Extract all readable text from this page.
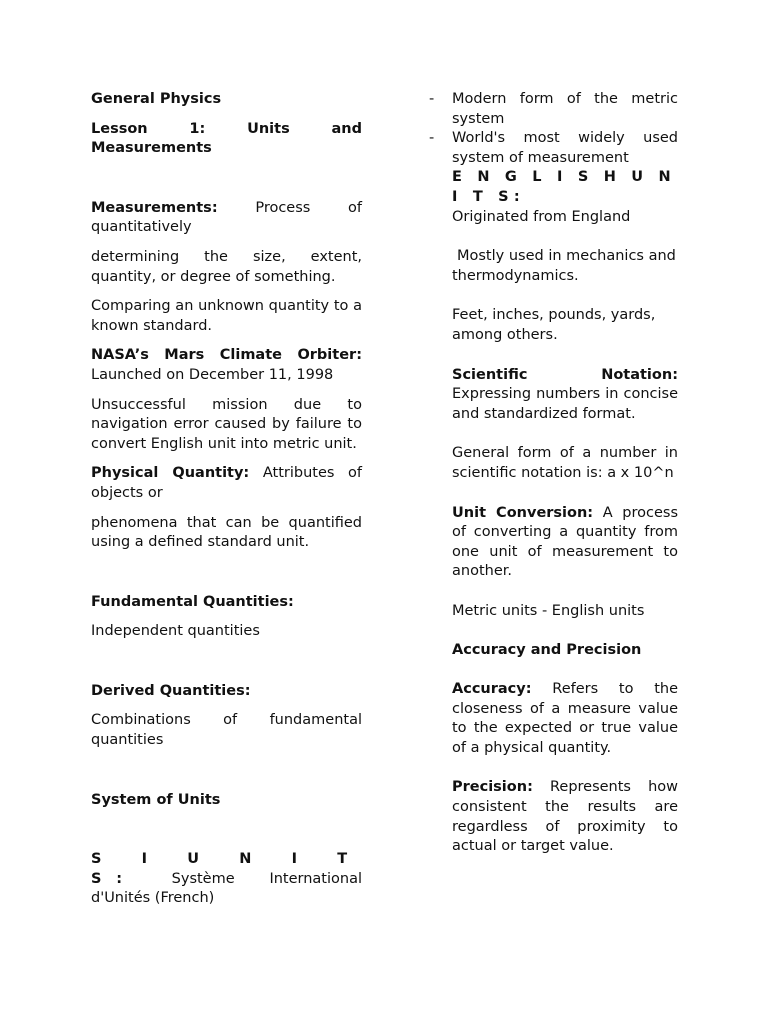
General Physics

Lesson 1: Units and Measurements

Measurements:	Process of quantitatively

determining the size, extent, quantity, or degree of something.

Comparing an unknown quantity to a known standard.

NASA’s Mars Climate Orbiter: Launched on December 11, 1998

Unsuccessful mission due to navigation error caused by failure to convert English unit into metric unit.

Physical Quantity: Attributes of objects or

phenomena that can be quantified using a defined standard unit.

Fundamental Quantities:

Independent quantities

Derived Quantities:

Combinations of fundamental quantities

System of Units

S I U N I T S: Système International d'Unités (French)

- Modern form of the metric system

- World's most widely used system of measurement

E N G L I S H U N I T S:

Originated from England

Mostly used in mechanics and

thermodynamics.

Feet, inches, pounds, yards, among others.

Scientific Notation: Expressing numbers in concise and standardized format.

General form of a number in scientific notation is: a x 10^n

Unit Conversion: A process of converting a quantity from one unit of measurement to another.

Metric units - English units

Accuracy and Precision

Accuracy: Refers to the closeness of a measure value to the expected or true value of a physical quantity.

Precision: Represents how consistent the results are regardless of proximity to actual or target value.
